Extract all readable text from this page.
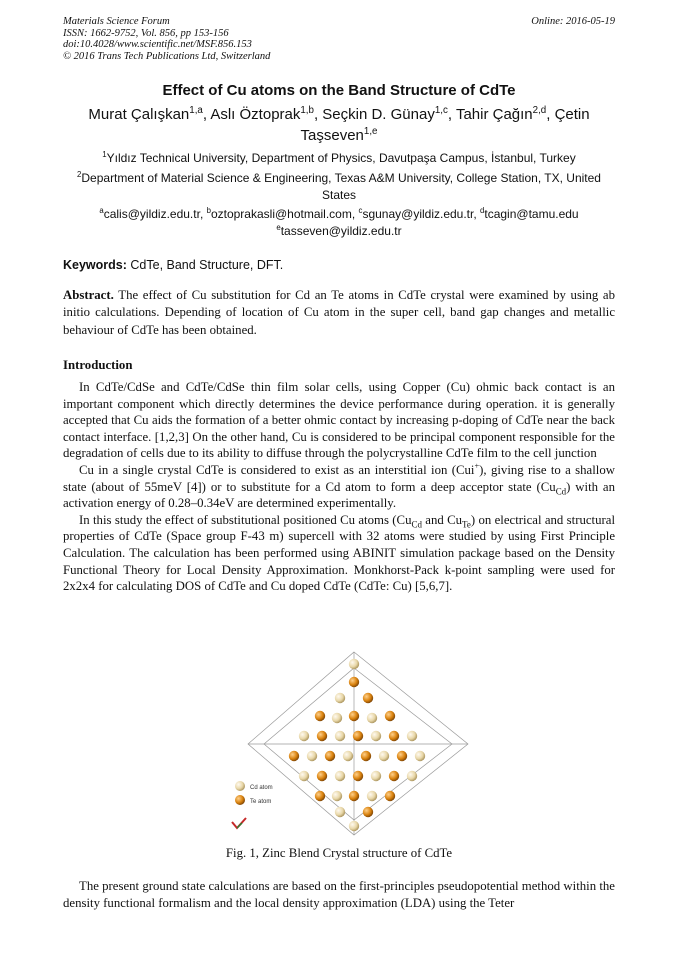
Materials Science Forum
ISSN: 1662-9752, Vol. 856, pp 153-156
doi:10.4028/www.scientific.net/MSF.856.153
© 2016 Trans Tech Publications Ltd, Switzerland
Online: 2016-05-19
Effect of Cu atoms on the Band Structure of CdTe
Murat Çalışkan$^{1,a}$, Aslı Öztoprak$^{1,b}$, Seçkin D. Günay$^{1,c}$, Tahir Çağın$^{2,d}$, Çetin Taşseven$^{1,e}$
$^1$Yıldız Technical University, Department of Physics, Davutpaşa Campus, İstanbul, Turkey
$^2$Department of Material Science & Engineering, Texas A&M University, College Station, TX, United States
$^a$calis@yildiz.edu.tr, $^b$oztoprakasli@hotmail.com, $^c$sgunay@yildiz.edu.tr, $^d$tcagin@tamu.edu
$^e$tasseven@yildiz.edu.tr
Keywords: CdTe, Band Structure, DFT.
Abstract. The effect of Cu substitution for Cd an Te atoms in CdTe crystal were examined by using ab initio calculations. Depending of location of Cu atom in the super cell, band gap changes and metallic behaviour of CdTe has been obtained.
Introduction

In CdTe/CdSe and CdTe/CdSe thin film solar cells, using Copper (Cu) ohmic back contact is an important component which directly determines the device performance during operation. it is generally accepted that Cu aids the formation of a better ohmic contact by increasing p-doping of CdTe near the back contact interface. [1,2,3] On the other hand, Cu is considered to be principal component responsible for the degradation of cells due to its ability to diffuse through the polycrystalline CdTe film to the cell junction

Cu in a single crystal CdTe is considered to exist as an interstitial ion (Cui+), giving rise to a shallow state (about of 55meV [4]) or to substitute for a Cd atom to form a deep acceptor state $(Cu_{Cd})$ with an activation energy of 0.28–0.34eV are determined experimentally.

In this study the effect of substitutional positioned Cu atoms ($Cu_{Cd}$ and $Cu_{Te}$) on electrical and structural properties of CdTe (Space group F-43 m) supercell with 32 atoms were studied by using First Principle Calculation. The calculation has been performed using ABINIT simulation package based on the Density Functional Theory for Local Density Approximation. Monkhorst-Pack k-point sampling were used for 2x2x4 for calculating DOS of CdTe and Cu doped CdTe (CdTe: Cu) [5,6,7].

Cd atom
Te atom
Fig. 1, Zinc Blend Crystal structure of CdTe

The present ground state calculations are based on the first-principles pseudopotential method within the density functional formalism and the local density approximation (LDA) using the Teter
